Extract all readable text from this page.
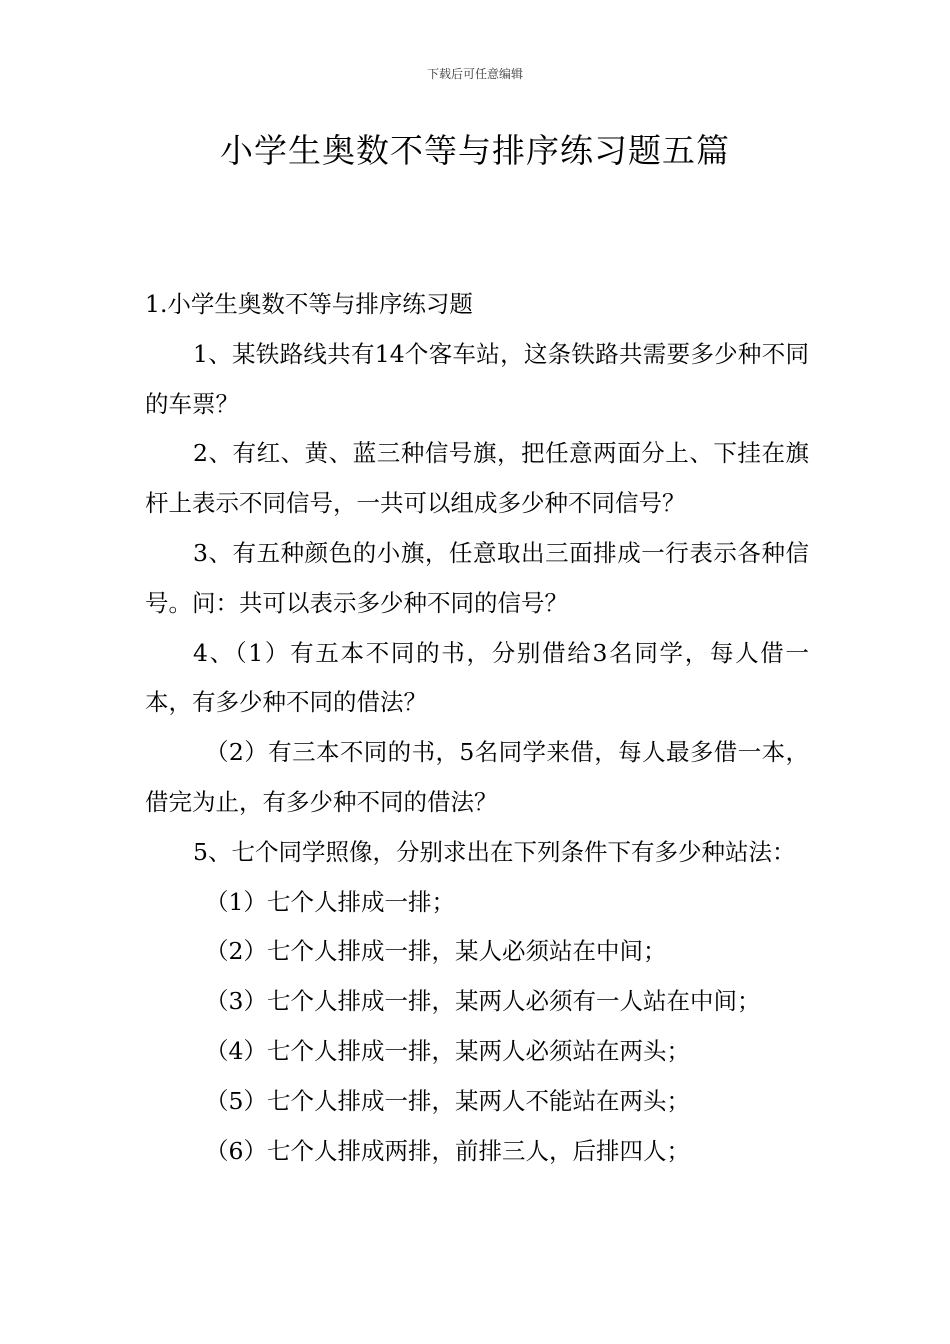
下载后可任意编辑
小学生奥数不等与排序练习题五篇

1.小学生奥数不等与排序练习题

1、某铁路线共有14个客车站，这条铁路共需要多少种不同的车票？

2、有红、黄、蓝三种信号旗，把任意两面分上、下挂在旗杆上表示不同信号，一共可以组成多少种不同信号？

3、有五种颜色的小旗，任意取出三面排成一行表示各种信号。问：共可以表示多少种不同的信号？

4、（1）有五本不同的书，分别借给3名同学，每人借一本，有多少种不同的借法？

（2）有三本不同的书，5名同学来借，每人最多借一本，借完为止，有多少种不同的借法？

5、七个同学照像，分别求出在下列条件下有多少种站法：

（1）七个人排成一排；

（2）七个人排成一排，某人必须站在中间；

（3）七个人排成一排，某两人必须有一人站在中间；

（4）七个人排成一排，某两人必须站在两头；

（5）七个人排成一排，某两人不能站在两头；

（6）七个人排成两排，前排三人，后排四人；
